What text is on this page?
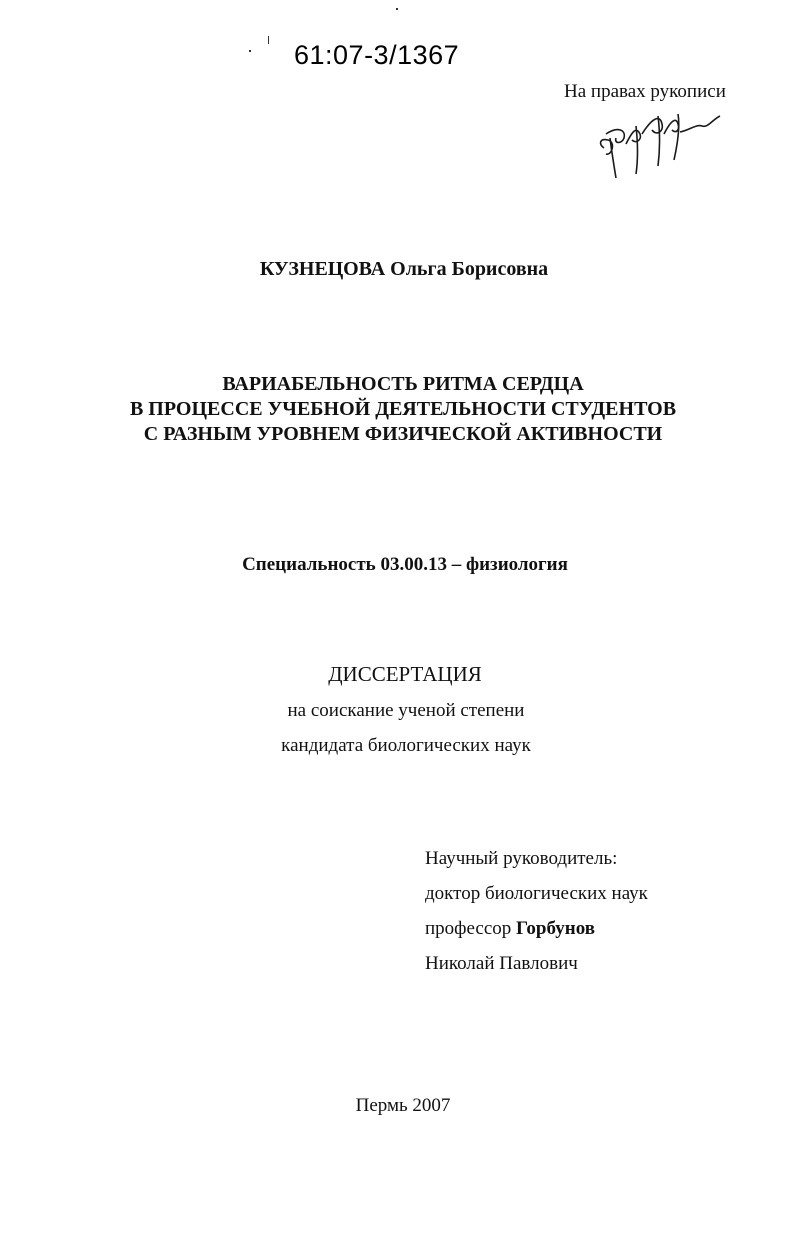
61:07-3/1367
На правах рукописи
КУЗНЕЦОВА Ольга Борисовна
ВАРИАБЕЛЬНОСТЬ РИТМА СЕРДЦА
В ПРОЦЕССЕ УЧЕБНОЙ ДЕЯТЕЛЬНОСТИ СТУДЕНТОВ
С РАЗНЫМ УРОВНЕМ ФИЗИЧЕСКОЙ АКТИВНОСТИ
Специальность 03.00.13 – физиология
ДИССЕРТАЦИЯ
на соискание ученой степени
кандидата биологических наук
Научный руководитель:
доктор биологических наук
профессор Горбунов
Николай Павлович
Пермь 2007
